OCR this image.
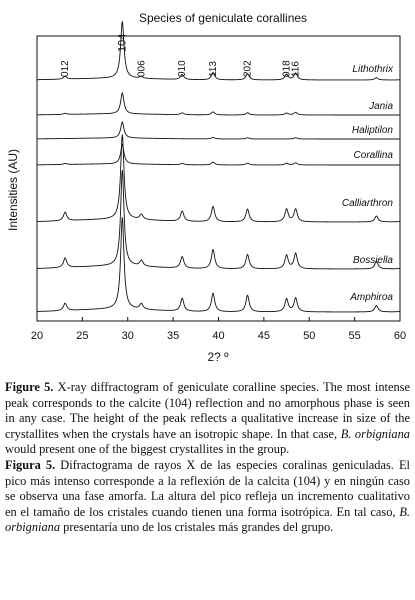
Species of geniculate corallines
Intensities (AU)
2? º
Lithothrix
Jania
Haliptilon
Corallina
Calliarthron
Bossiella
Amphiroa
012
104
006	010 113 202	018
116
20	25	30	35	40	45	50	55	60

Figure 5. X-ray diffractogram of geniculate coralline species. The most intense peak corresponds to the calcite (104) reflection and no amorphous phase is seen in any case. The height of the peak reflects a qualitative increase in size of the crystallites when the crystals have an isotropic shape. In that case, B. orbigniana would present one of the biggest crystallites in the group.

Figura 5. Difractograma de rayos X de las especies coralinas geniculadas. El pico más intenso corresponde a la reflexión de la calcita (104) y en ningún caso se observa una fase amorfa. La altura del pico refleja un incremento cualitativo en el tamaño de los cristales cuando tienen una forma isotrópica. En tal caso, B. orbigniana presentaría uno de los cristales más grandes del grupo.
